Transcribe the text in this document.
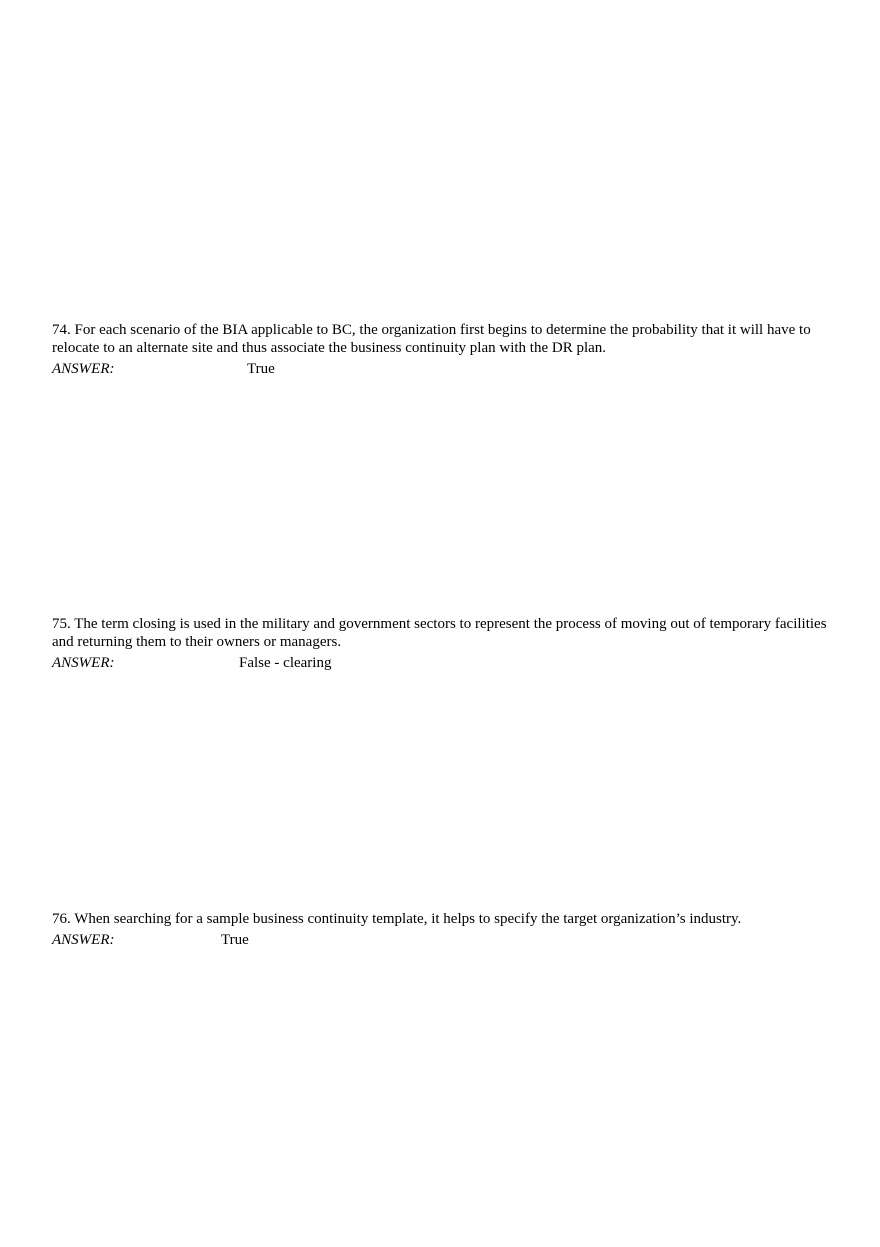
74. For each scenario of the BIA applicable to BC, the organization first begins to determine the probability that it will have to relocate to an alternate site and thus associate the business continuity plan with the DR plan.

ANSWER:	True

75. The term closing is used in the military and government sectors to represent the process of moving out of temporary facilities and returning them to their owners or managers.

ANSWER:	False - clearing

76. When searching for a sample business continuity template, it helps to specify the target organization’s industry.

ANSWER:	True
